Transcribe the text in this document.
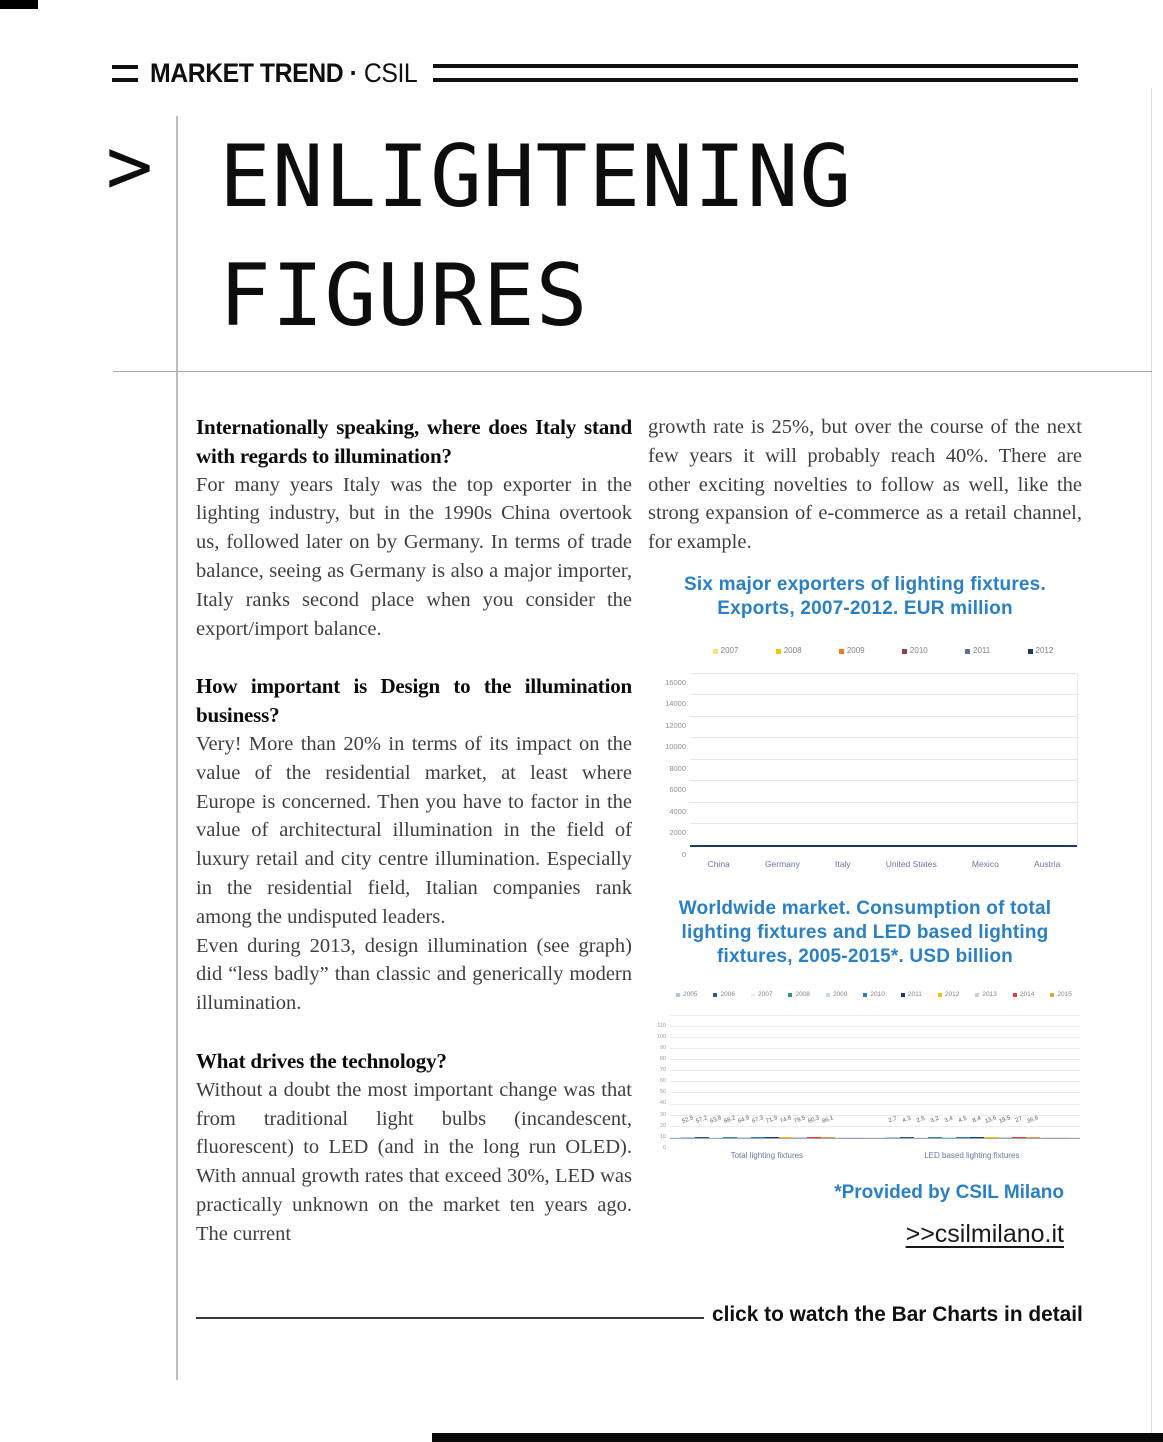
MARKET TREND · CSIL
> ENLIGHTENING
FIGURES
Internationally speaking, where does Italy stand with regards to illumination?

For many years Italy was the top exporter in the lighting industry, but in the 1990s China overtook us, followed later on by Germany. In terms of trade balance, seeing as Germany is also a major importer, Italy ranks second place when you consider the export/import balance.

How important is Design to the illumination business?

Very! More than 20% in terms of its impact on the value of the residential market, at least where Europe is concerned. Then you have to factor in the value of architectural illumination in the field of luxury retail and city centre illumination. Especially in the residential field, Italian companies rank among the undisputed leaders.

Even during 2013, design illumination (see graph) did “less badly” than classic and generically modern illumination.

What drives the technology?

Without a doubt the most important change was that from traditional light bulbs (incandescent, fluorescent) to LED (and in the long run OLED). With annual growth rates that exceed 30%, LED was practically unknown on the market ten years ago. The current

growth rate is 25%, but over the course of the next few years it will probably reach 40%. There are other exciting novelties to follow as well, like the strong expansion of e-commerce as a retail channel, for example.

Six major exporters of lighting fixtures. Exports, 2007-2012. EUR million
2007	2008	2009	2010	2011	2012
0
2000
4000
6000
8000
10000
12000
14000
16000
China	Germany	Italy	United States	Mexico	Austria
Worldwide market. Consumption of total lighting fixtures and LED based lighting fixtures, 2005-2015*. USD billion
2005	2006	2007	2008	2009	2010	2011	2012	2013	2014	2015
0
10
20
30
40
50
60
70
80
90
100
110
52.5 57.2 63.8 68.2 64.9 67.3 71.9 74.8 78.5 80.3 86.1	2.7 4.3 2.5 3.2 3.4 4.5 8.4 13.6 19.5 27 36.6
Total lighting fixtures	LED based lighting fixtures
*Provided by CSIL Milano
>>csilmilano.it
click to watch the Bar Charts in detail
